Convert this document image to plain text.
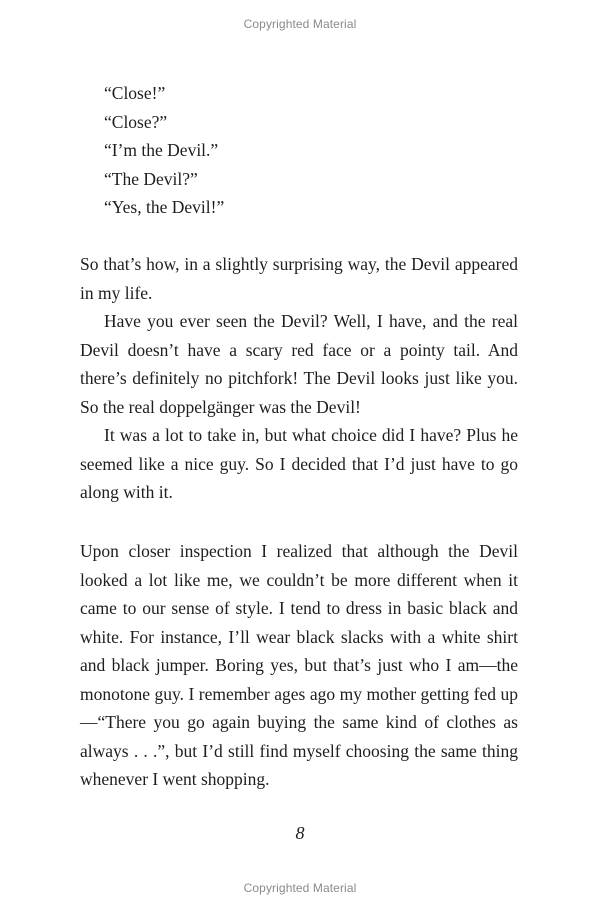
Copyrighted Material
“Close!”
“Close?”
“I’m the Devil.”
“The Devil?”
“Yes, the Devil!”

So that’s how, in a slightly surprising way, the Devil appeared in my life.

Have you ever seen the Devil? Well, I have, and the real Devil doesn’t have a scary red face or a pointy tail. And there’s definitely no pitchfork! The Devil looks just like you. So the real doppelgänger was the Devil!

It was a lot to take in, but what choice did I have? Plus he seemed like a nice guy. So I decided that I’d just have to go along with it.

Upon closer inspection I realized that although the Devil looked a lot like me, we couldn’t be more different when it came to our sense of style. I tend to dress in basic black and white. For instance, I’ll wear black slacks with a white shirt and black jumper. Boring yes, but that’s just who I am—the monotone guy. I remember ages ago my mother getting fed up—“There you go again buying the same kind of clothes as always . . .”, but I’d still find myself choosing the same thing whenever I went shopping.

8
Copyrighted Material
